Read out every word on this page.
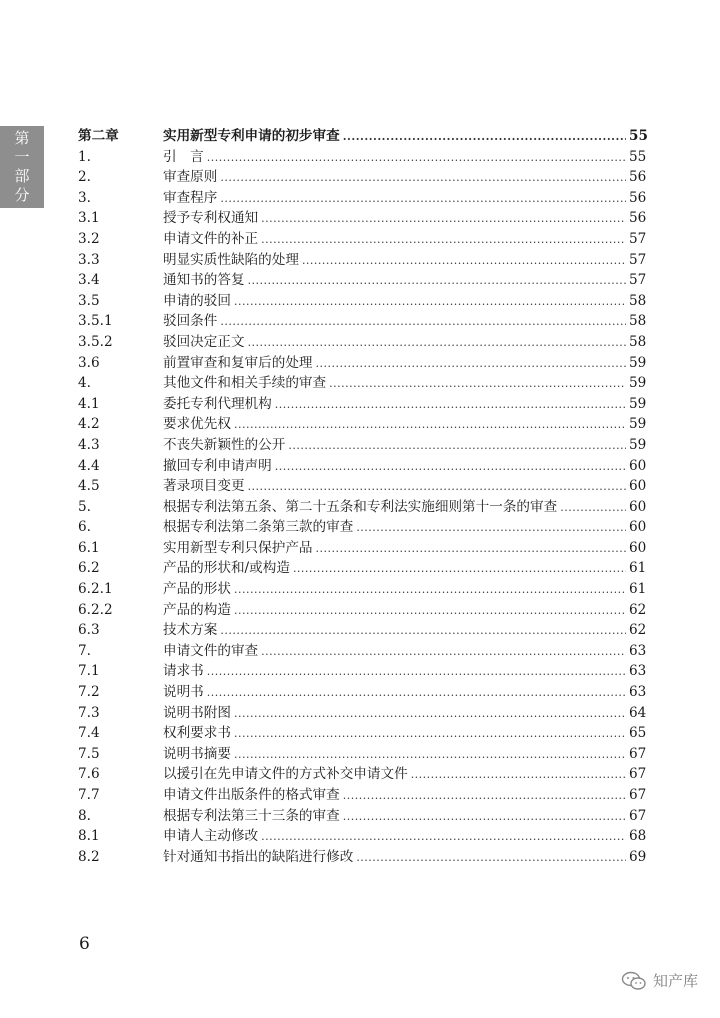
第
一
部
分
第二章	实用新型专利申请的初步审查 .....	55
1.	引　言 .....	55
2.	审查原则 .....	56
3.	审查程序 .....	56
3.1	授予专利权通知 .....	56
3.2	申请文件的补正 .....	57
3.3	明显实质性缺陷的处理 .....	57
3.4	通知书的答复 .....	57
3.5	申请的驳回 .....	58
3.5.1	驳回条件 .....	58
3.5.2	驳回决定正文 .....	58
3.6	前置审查和复审后的处理 .....	59
4.	其他文件和相关手续的审查 .....	59
4.1	委托专利代理机构 .....	59
4.2	要求优先权 .....	59
4.3	不丧失新颖性的公开 .....	59
4.4	撤回专利申请声明 .....	60
4.5	著录项目变更 .....	60
5.	根据专利法第五条、第二十五条和专利法实施细则第十一条的审查 .....	60
6.	根据专利法第二条第三款的审查 .....	60
6.1	实用新型专利只保护产品 .....	60
6.2	产品的形状和/或构造 .....	61
6.2.1	产品的形状 .....	61
6.2.2	产品的构造 .....	62
6.3	技术方案 .....	62
7.	申请文件的审查 .....	63
7.1	请求书 .....	63
7.2	说明书 .....	63
7.3	说明书附图 .....	64
7.4	权利要求书 .....	65
7.5	说明书摘要 .....	67
7.6	以援引在先申请文件的方式补交申请文件 .....	67
7.7	申请文件出版条件的格式审查 .....	67
8.	根据专利法第三十三条的审查 .....	67
8.1	申请人主动修改 .....	68
8.2	针对通知书指出的缺陷进行修改 .....	69
6
知产库
